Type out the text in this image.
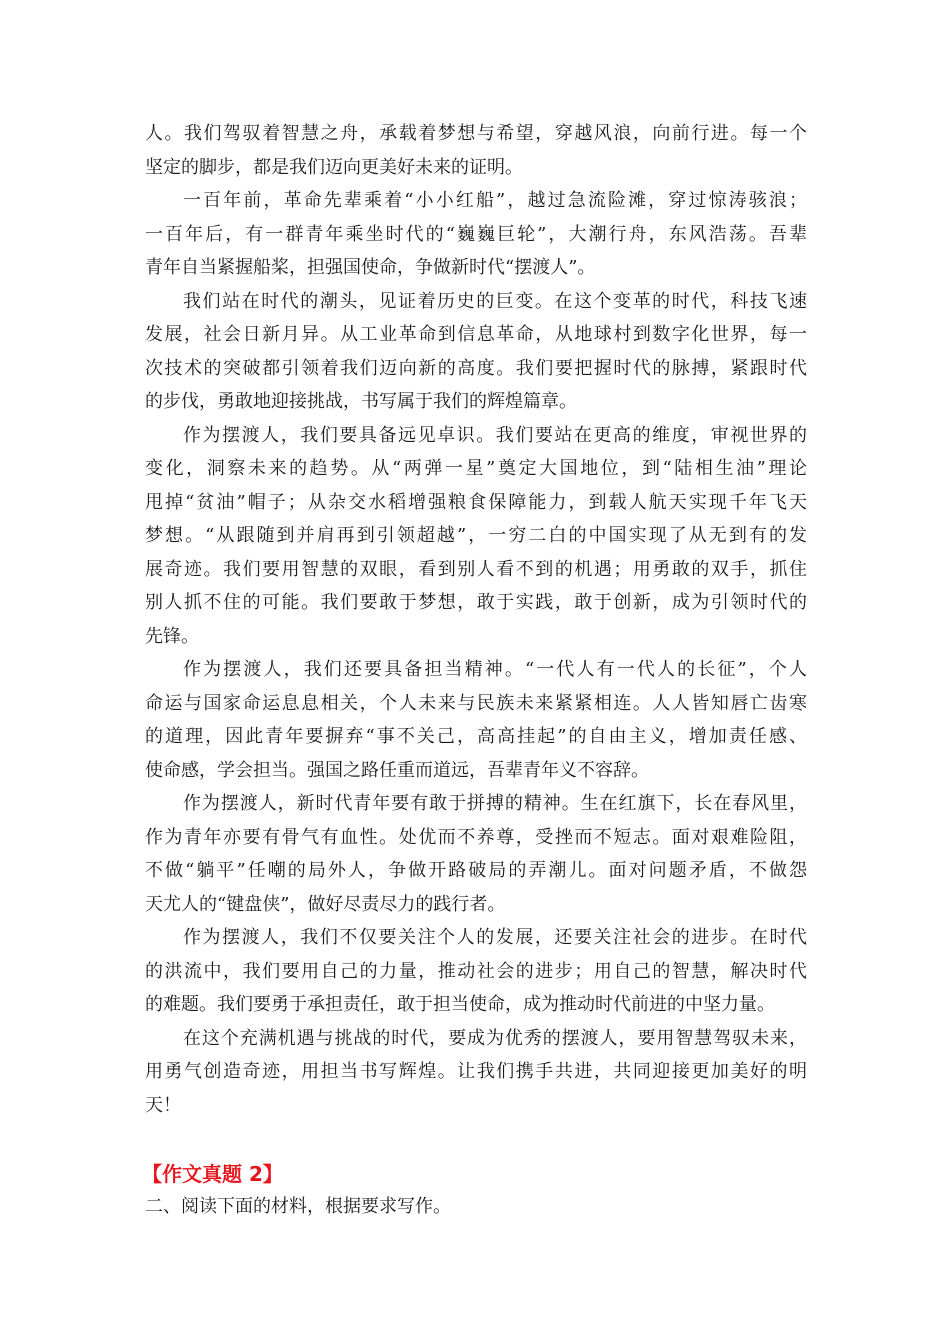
人。我们驾驭着智慧之舟，承载着梦想与希望，穿越风浪，向前行进。每一个
坚定的脚步，都是我们迈向更美好未来的证明。
一百年前，革命先辈乘着“小小红船”，越过急流险滩，穿过惊涛骇浪；
一百年后，有一群青年乘坐时代的“巍巍巨轮”，大潮行舟，东风浩荡。吾辈
青年自当紧握船桨，担强国使命，争做新时代“摆渡人”。
我们站在时代的潮头，见证着历史的巨变。在这个变革的时代，科技飞速
发展，社会日新月异。从工业革命到信息革命，从地球村到数字化世界，每一
次技术的突破都引领着我们迈向新的高度。我们要把握时代的脉搏，紧跟时代
的步伐，勇敢地迎接挑战，书写属于我们的辉煌篇章。
作为摆渡人，我们要具备远见卓识。我们要站在更高的维度，审视世界的
变化，洞察未来的趋势。从“两弹一星”奠定大国地位，到“陆相生油”理论
甩掉“贫油”帽子；从杂交水稻增强粮食保障能力，到载人航天实现千年飞天
梦想。“从跟随到并肩再到引领超越”，一穷二白的中国实现了从无到有的发
展奇迹。我们要用智慧的双眼，看到别人看不到的机遇；用勇敢的双手，抓住
别人抓不住的可能。我们要敢于梦想，敢于实践，敢于创新，成为引领时代的
先锋。
作为摆渡人，我们还要具备担当精神。“一代人有一代人的长征”，个人
命运与国家命运息息相关，个人未来与民族未来紧紧相连。人人皆知唇亡齿寒
的道理，因此青年要摒弃“事不关己，高高挂起”的自由主义，增加责任感、
使命感，学会担当。强国之路任重而道远，吾辈青年义不容辞。
作为摆渡人，新时代青年要有敢于拼搏的精神。生在红旗下，长在春风里，
作为青年亦要有骨气有血性。处优而不养尊，受挫而不短志。面对艰难险阻，
不做“躺平”任嘲的局外人，争做开路破局的弄潮儿。面对问题矛盾，不做怨
天尤人的“键盘侠”，做好尽责尽力的践行者。
作为摆渡人，我们不仅要关注个人的发展，还要关注社会的进步。在时代
的洪流中，我们要用自己的力量，推动社会的进步；用自己的智慧，解决时代
的难题。我们要勇于承担责任，敢于担当使命，成为推动时代前进的中坚力量。
在这个充满机遇与挑战的时代，要成为优秀的摆渡人，要用智慧驾驭未来，
用勇气创造奇迹，用担当书写辉煌。让我们携手共进，共同迎接更加美好的明
天！
【作文真题 2】
二、阅读下面的材料，根据要求写作。
